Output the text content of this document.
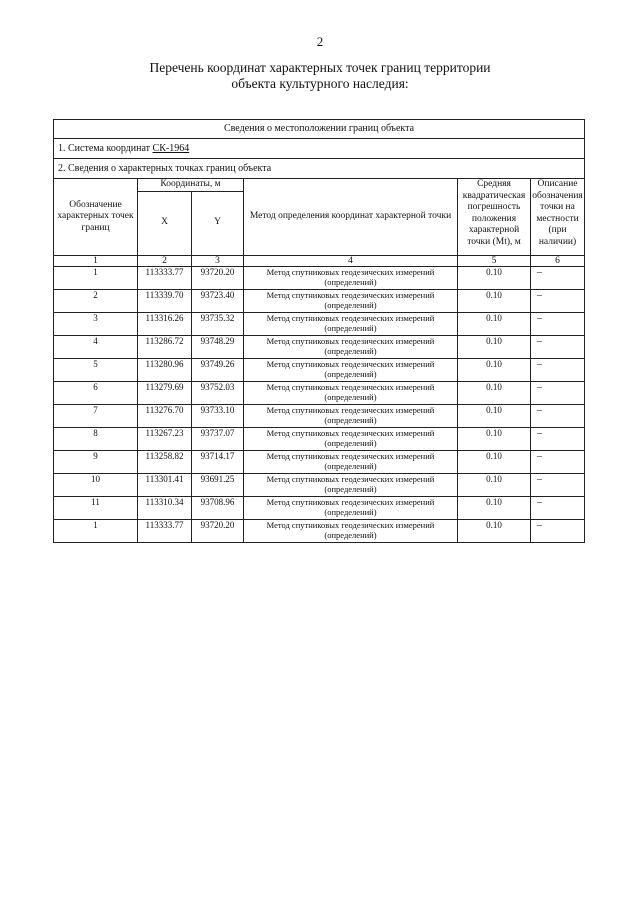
2
Перечень координат характерных точек границ территории
объекта культурного наследия:
Сведения о местоположении границ объекта					
1. Система координат СК-1964					
2. Сведения о характерных точках границ объекта					
Обозначение характерных точек границ	Координаты, м		Метод определения координат характерной точки	Средняя квадратическая погрешность положения характерной точки (Mt), м	Описание обозначения точки на местности (при наличии)
	X	Y			
1	2	3	4	5	6
1	113333.77	93720.20	Метод спутниковых геодезических измерений (определений)	0.10	–
2	113339.70	93723.40	Метод спутниковых геодезических измерений (определений)	0.10	–
3	113316.26	93735.32	Метод спутниковых геодезических измерений (определений)	0.10	–
4	113286.72	93748.29	Метод спутниковых геодезических измерений (определений)	0.10	–
5	113280.96	93749.26	Метод спутниковых геодезических измерений (определений)	0.10	–
6	113279.69	93752.03	Метод спутниковых геодезических измерений (определений)	0.10	–
7	113276.70	93733.10	Метод спутниковых геодезических измерений (определений)	0.10	–
8	113267.23	93737.07	Метод спутниковых геодезических измерений (определений)	0.10	–
9	113258.82	93714.17	Метод спутниковых геодезических измерений (определений)	0.10	–
10	113301.41	93691.25	Метод спутниковых геодезических измерений (определений)	0.10	–
11	113310.34	93708.96	Метод спутниковых геодезических измерений (определений)	0.10	–
1	113333.77	93720.20	Метод спутниковых геодезических измерений (определений)	0.10	–
